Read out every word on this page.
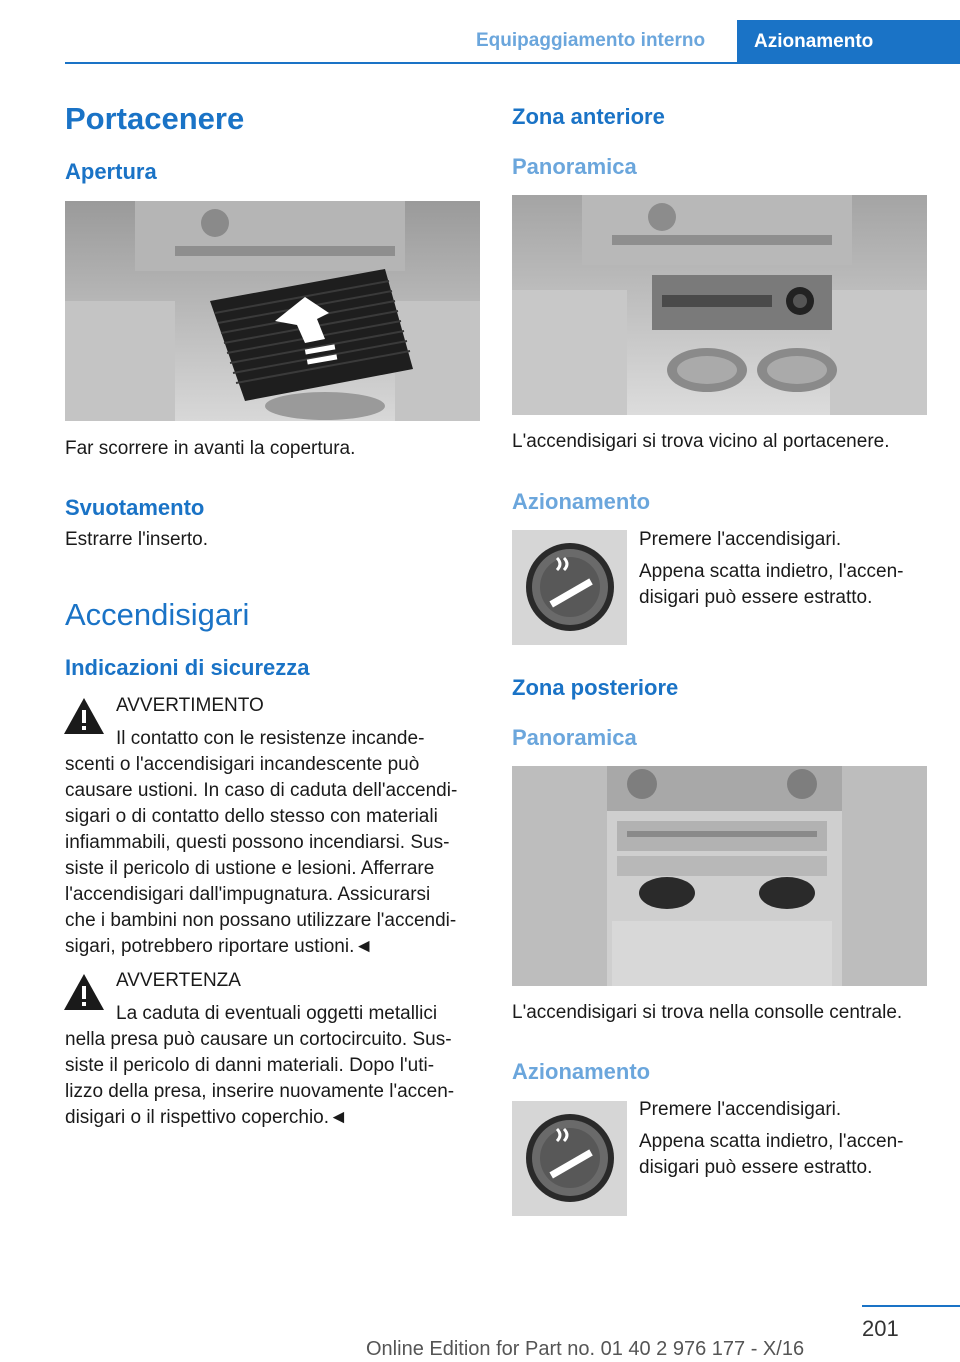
Equipaggiamento interno	Azionamento
Portacenere
Apertura
Far scorrere in avanti la copertura.
Svuotamento
Estrarre l'inserto.
Accendisigari
Indicazioni di sicurezza
AVVERTIMENTO
Il contatto con le resistenze incande-
scenti o l'accendisigari incandescente può
causare ustioni. In caso di caduta dell'accendi-
sigari o di contatto dello stesso con materiali
infiammabili, questi possono incendiarsi. Sus-
siste il pericolo di ustione e lesioni. Afferrare
l'accendisigari dall'impugnatura. Assicurarsi
che i bambini non possano utilizzare l'accendi-
sigari, potrebbero riportare ustioni.◄
AVVERTENZA
La caduta di eventuali oggetti metallici
nella presa può causare un cortocircuito. Sus-
siste il pericolo di danni materiali. Dopo l'uti-
lizzo della presa, inserire nuovamente l'accen-
disigari o il rispettivo coperchio.◄
Zona anteriore
Panoramica
L'accendisigari si trova vicino al portacenere.
Azionamento
Premere l'accendisigari.
Appena scatta indietro, l'accen-
disigari può essere estratto.
Zona posteriore
Panoramica
L'accendisigari si trova nella consolle centrale.
Azionamento
Premere l'accendisigari.
Appena scatta indietro, l'accen-
disigari può essere estratto.
201
Online Edition for Part no. 01 40 2 976 177 - X/16
